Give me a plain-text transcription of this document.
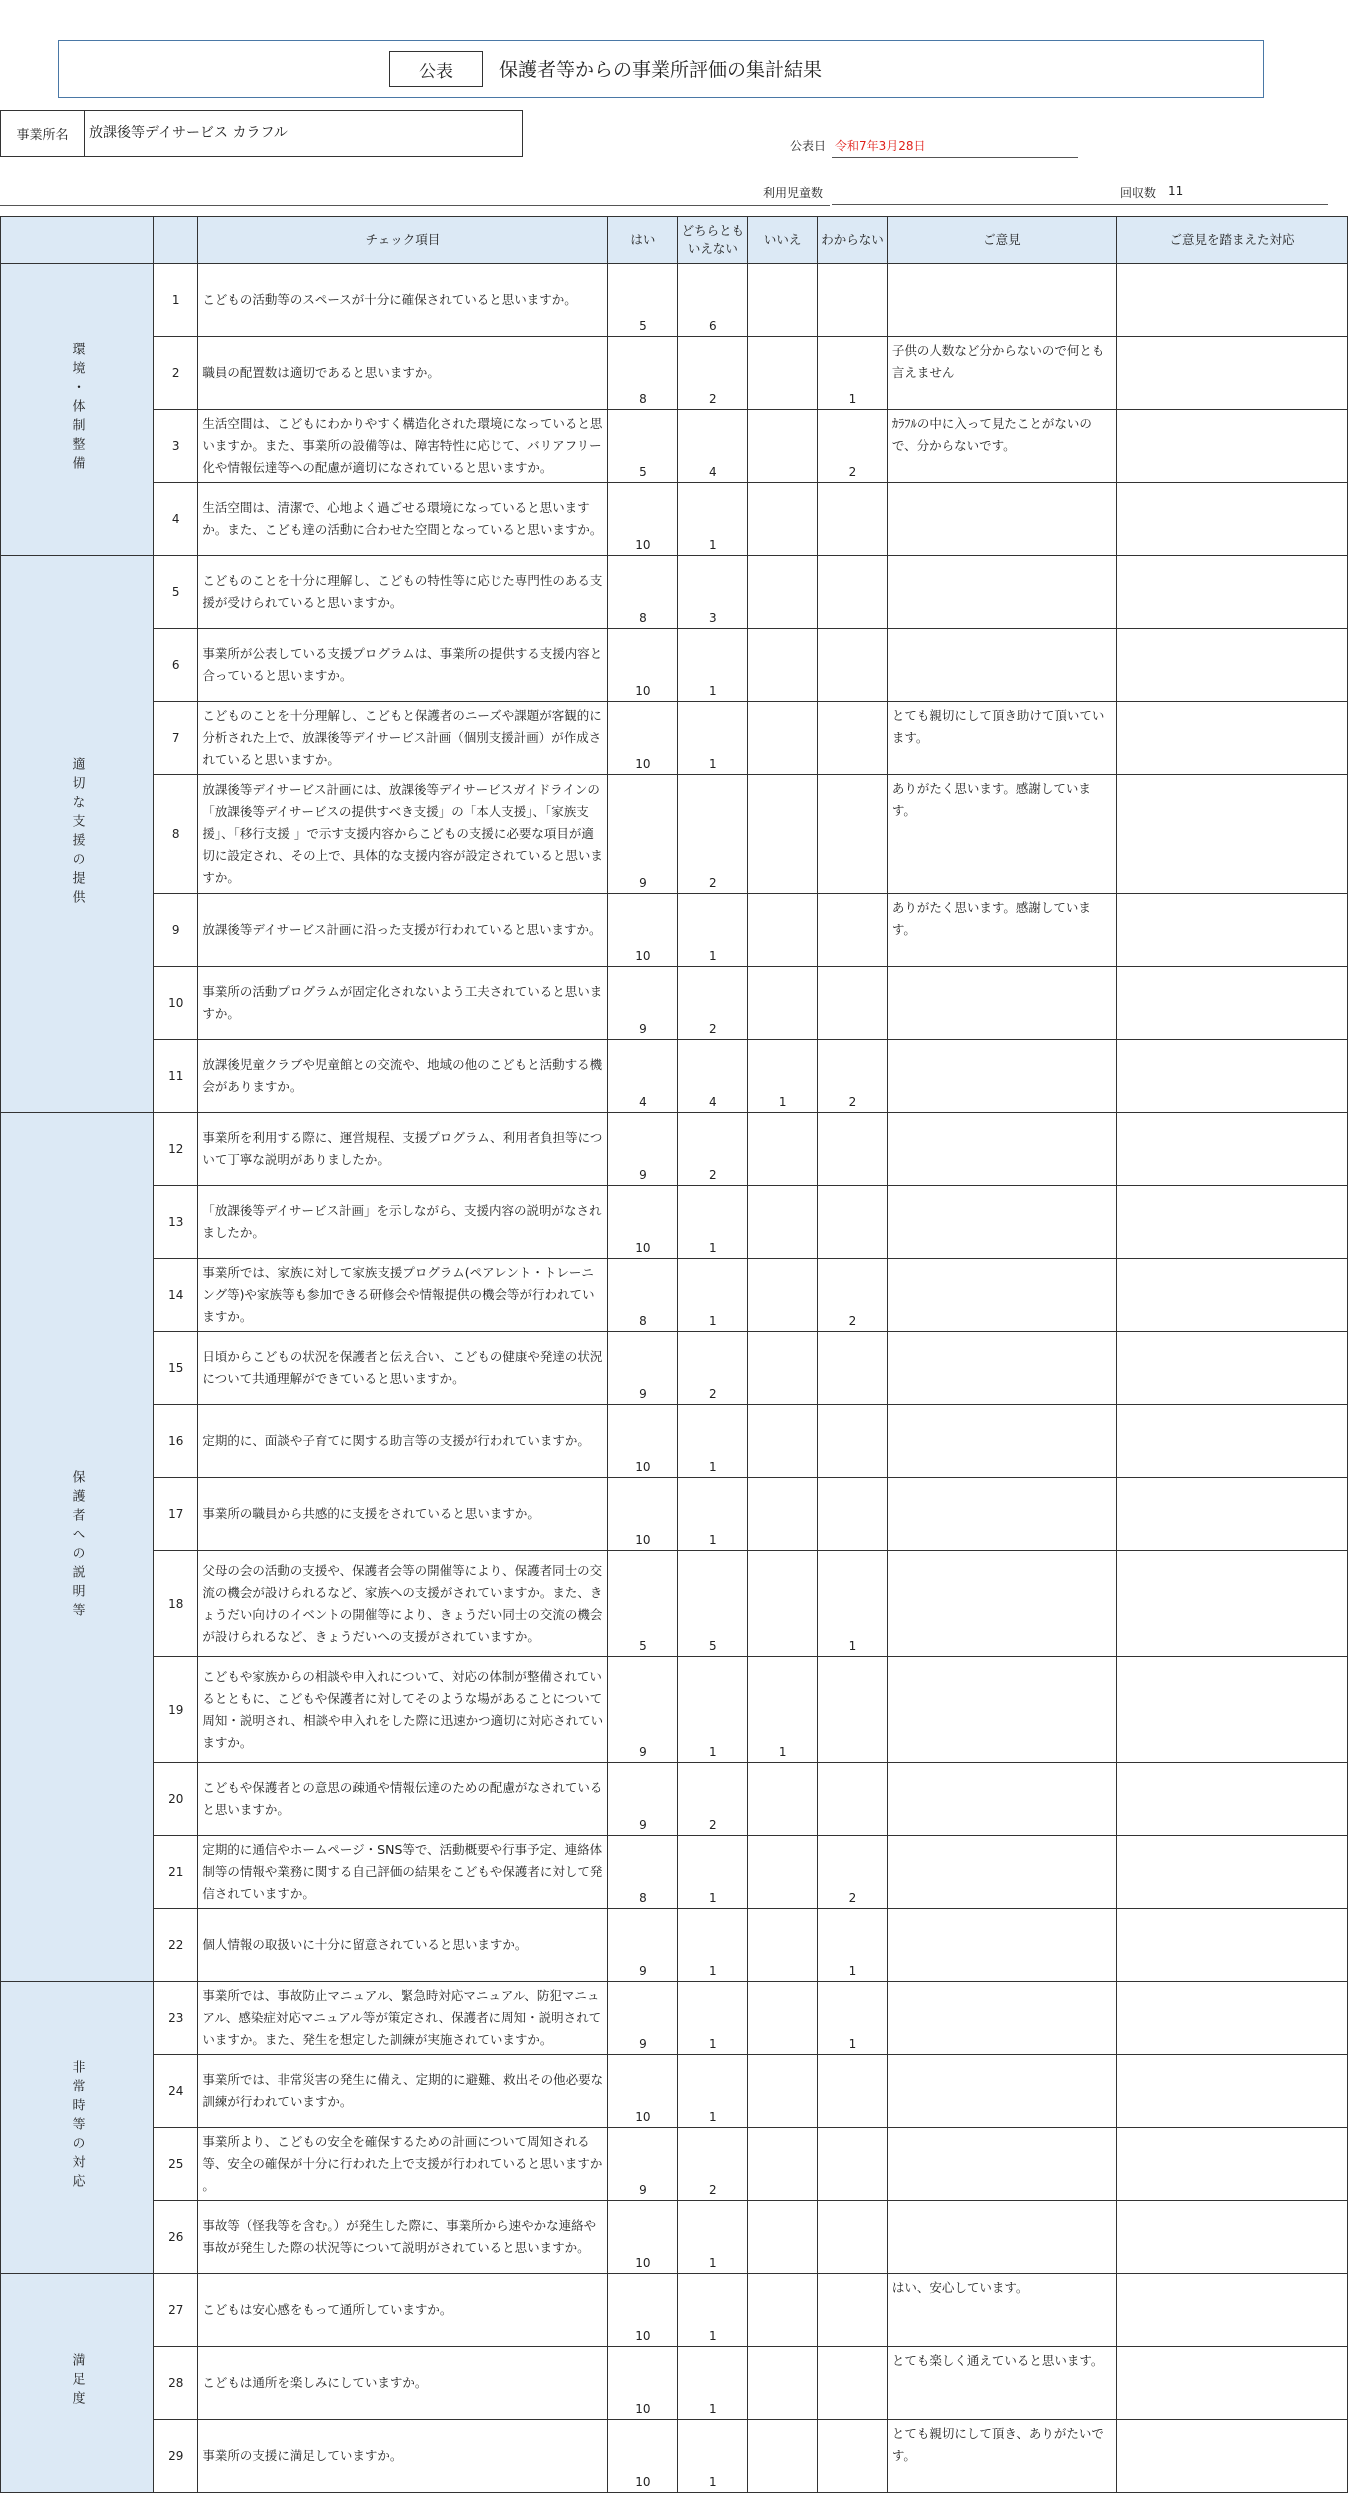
公表	保護者等からの事業所評価の集計結果
事業所名	放課後等デイサービス カラフル
公表日 令和7年3月28日
利用児童数	回収数 11
		チェック項目	はい	どちらとも
いえない	いいえ	わからない	ご意見	ご意見を踏まえた対応
環境・体制整備	1	こどもの活動等のスペースが十分に確保されていると思いますか。	5	6				
	2	職員の配置数は適切であると思いますか。	8	2		1	子供の人数など分からないので何とも言えません	
	3	生活空間は、こどもにわかりやすく構造化された環境になっていると思いますか。また、事業所の設備等は、障害特性に応じて、バリアフリー化や情報伝達等への配慮が適切になされていると思いますか。	5	4		2	ｶﾗﾌﾙの中に入って見たことがないので、分からないです。	
	4	生活空間は、清潔で、心地よく過ごせる環境になっていると思いますか。また、こども達の活動に合わせた空間となっていると思いますか。	10	1				
適切な支援の提供	5	こどものことを十分に理解し、こどもの特性等に応じた専門性のある支援が受けられていると思いますか。	8	3				
	6	事業所が公表している支援プログラムは、事業所の提供する支援内容と合っていると思いますか。	10	1				
	7	こどものことを十分理解し、こどもと保護者のニーズや課題が客観的に分析された上で、放課後等デイサービス計画（個別支援計画）が作成されていると思いますか。	10	1			とても親切にして頂き助けて頂いています。	
	8	放課後等デイサービス計画には、放課後等デイサービスガイドラインの「放課後等デイサービスの提供すべき支援」の「本人支援」、「家族支援」、「移行支援 」で示す支援内容からこどもの支援に必要な項目が適切に設定され、その上で、具体的な支援内容が設定されていると思いますか。	9	2			ありがたく思います。感謝しています。	
	9	放課後等デイサービス計画に沿った支援が行われていると思いますか。	10	1			ありがたく思います。感謝しています。	
	10	事業所の活動プログラムが固定化されないよう工夫されていると思いますか。	9	2				
	11	放課後児童クラブや児童館との交流や、地域の他のこどもと活動する機会がありますか。	4	4	1	2		
保護者への説明等	12	事業所を利用する際に、運営規程、支援プログラム、利用者負担等について丁寧な説明がありましたか。	9	2				
	13	「放課後等デイサービス計画」を示しながら、支援内容の説明がなされましたか。	10	1				
	14	事業所では、家族に対して家族支援プログラム(ペアレント・トレーニング等)や家族等も参加できる研修会や情報提供の機会等が行われていますか。	8	1		2		
	15	日頃からこどもの状況を保護者と伝え合い、こどもの健康や発達の状況について共通理解ができていると思いますか。	9	2				
	16	定期的に、面談や子育てに関する助言等の支援が行われていますか。	10	1				
	17	事業所の職員から共感的に支援をされていると思いますか。	10	1				
	18	父母の会の活動の支援や、保護者会等の開催等により、保護者同士の交流の機会が設けられるなど、家族への支援がされていますか。また、きょうだい向けのイベントの開催等により、きょうだい同士の交流の機会が設けられるなど、きょうだいへの支援がされていますか。	5	5		1		
	19	こどもや家族からの相談や申入れについて、対応の体制が整備されているとともに、こどもや保護者に対してそのような場があることについて周知・説明され、相談や申入れをした際に迅速かつ適切に対応されていますか。	9	1	1			
	20	こどもや保護者との意思の疎通や情報伝達のための配慮がなされていると思いますか。	9	2				
	21	定期的に通信やホームページ・SNS等で、活動概要や行事予定、連絡体制等の情報や業務に関する自己評価の結果をこどもや保護者に対して発信されていますか。	8	1		2		
	22	個人情報の取扱いに十分に留意されていると思いますか。	9	1		1		
非常時等の対応	23	事業所では、事故防止マニュアル、緊急時対応マニュアル、防犯マニュアル、感染症対応マニュアル等が策定され、保護者に周知・説明されていますか。また、発生を想定した訓練が実施されていますか。	9	1		1		
	24	事業所では、非常災害の発生に備え、定期的に避難、救出その他必要な訓練が行われていますか。	10	1				
	25	事業所より、こどもの安全を確保するための計画について周知される等、安全の確保が十分に行われた上で支援が行われていると思いますか 。	9	2				
	26	事故等（怪我等を含む。）が発生した際に、事業所から速やかな連絡や事故が発生した際の状況等について説明がされていると思いますか。	10	1				
満足度	27	こどもは安心感をもって通所していますか。	10	1			はい、安心しています。	
	28	こどもは通所を楽しみにしていますか。	10	1			とても楽しく通えていると思います。	
	29	事業所の支援に満足していますか。	10	1			とても親切にして頂き、ありがたいです。	
